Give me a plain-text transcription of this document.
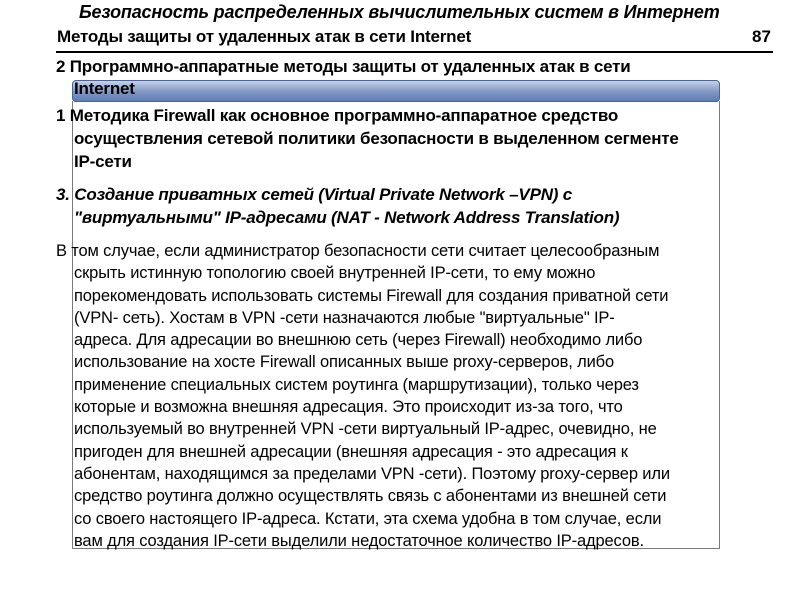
Безопасность распределенных вычислительных систем в Интернет
Методы защиты от удаленных атак в сети Internet	87
2 Программно-аппаратные методы защиты от удаленных атак в сети
Internet
1 Методика Firewall как основное программно-аппаратное средство
осуществления сетевой политики безопасности в выделенном сегменте
IP-сети
3. Создание приватных сетей (Virtual Private Network –VPN) с
"виртуальными" IP-адресами (NAT - Network Address Translation)
В том случае, если администратор безопасности сети считает целесообразным
скрыть истинную топологию своей внутренней IP-сети, то ему можно
порекомендовать использовать системы Firewall для создания приватной сети
(VPN- сеть). Хостам в VPN -сети назначаются любые "виртуальные" IP-
адреса. Для адресации во внешнюю сеть (через Firewall) необходимо либо
использование на хосте Firewall описанных выше proxy-серверов, либо
применение специальных систем роутинга (маршрутизации), только через
которые и возможна внешняя адресация. Это происходит из-за того, что
используемый во внутренней VPN -сети виртуальный IP-адрес, очевидно, не
пригоден для внешней адресации (внешняя адресация - это адресация к
абонентам, находящимся за пределами VPN -сети). Поэтому proxy-сервер или
средство роутинга должно осуществлять связь с абонентами из внешней сети
со своего настоящего IP-адреса. Кстати, эта схема удобна в том случае, если
вам для создания IP-сети выделили недостаточное количество IP-адресов.
